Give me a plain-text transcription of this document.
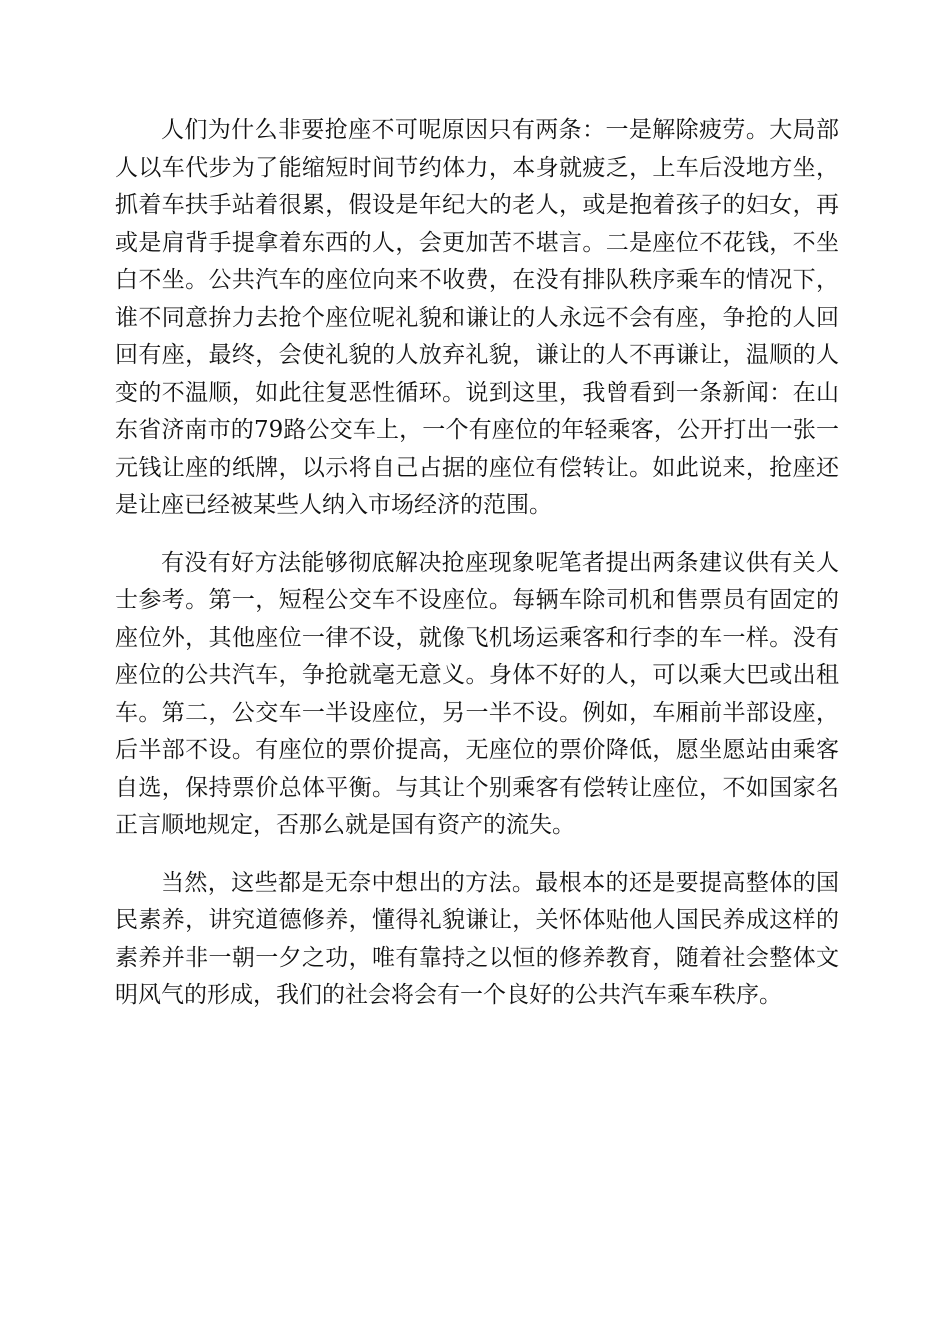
人们为什么非要抢座不可呢原因只有两条：一是解除疲劳。大局部人以车代步为了能缩短时间节约体力，本身就疲乏，上车后没地方坐，抓着车扶手站着很累，假设是年纪大的老人，或是抱着孩子的妇女，再或是肩背手提拿着东西的人，会更加苦不堪言。二是座位不花钱，不坐白不坐。公共汽车的座位向来不收费，在没有排队秩序乘车的情况下，谁不同意拚力去抢个座位呢礼貌和谦让的人永远不会有座，争抢的人回回有座，最终，会使礼貌的人放弃礼貌，谦让的人不再谦让，温顺的人变的不温顺，如此往复恶性循环。说到这里，我曾看到一条新闻：在山东省济南市的79路公交车上，一个有座位的年轻乘客，公开打出一张一元钱让座的纸牌，以示将自己占据的座位有偿转让。如此说来，抢座还是让座已经被某些人纳入市场经济的范围。

有没有好方法能够彻底解决抢座现象呢笔者提出两条建议供有关人士参考。第一，短程公交车不设座位。每辆车除司机和售票员有固定的座位外，其他座位一律不设，就像飞机场运乘客和行李的车一样。没有座位的公共汽车，争抢就毫无意义。身体不好的人，可以乘大巴或出租车。第二，公交车一半设座位，另一半不设。例如，车厢前半部设座，后半部不设。有座位的票价提高，无座位的票价降低，愿坐愿站由乘客自选，保持票价总体平衡。与其让个别乘客有偿转让座位，不如国家名正言顺地规定，否那么就是国有资产的流失。

当然，这些都是无奈中想出的方法。最根本的还是要提高整体的国民素养，讲究道德修养，懂得礼貌谦让，关怀体贴他人国民养成这样的素养并非一朝一夕之功，唯有靠持之以恒的修养教育，随着社会整体文明风气的形成，我们的社会将会有一个良好的公共汽车乘车秩序。
